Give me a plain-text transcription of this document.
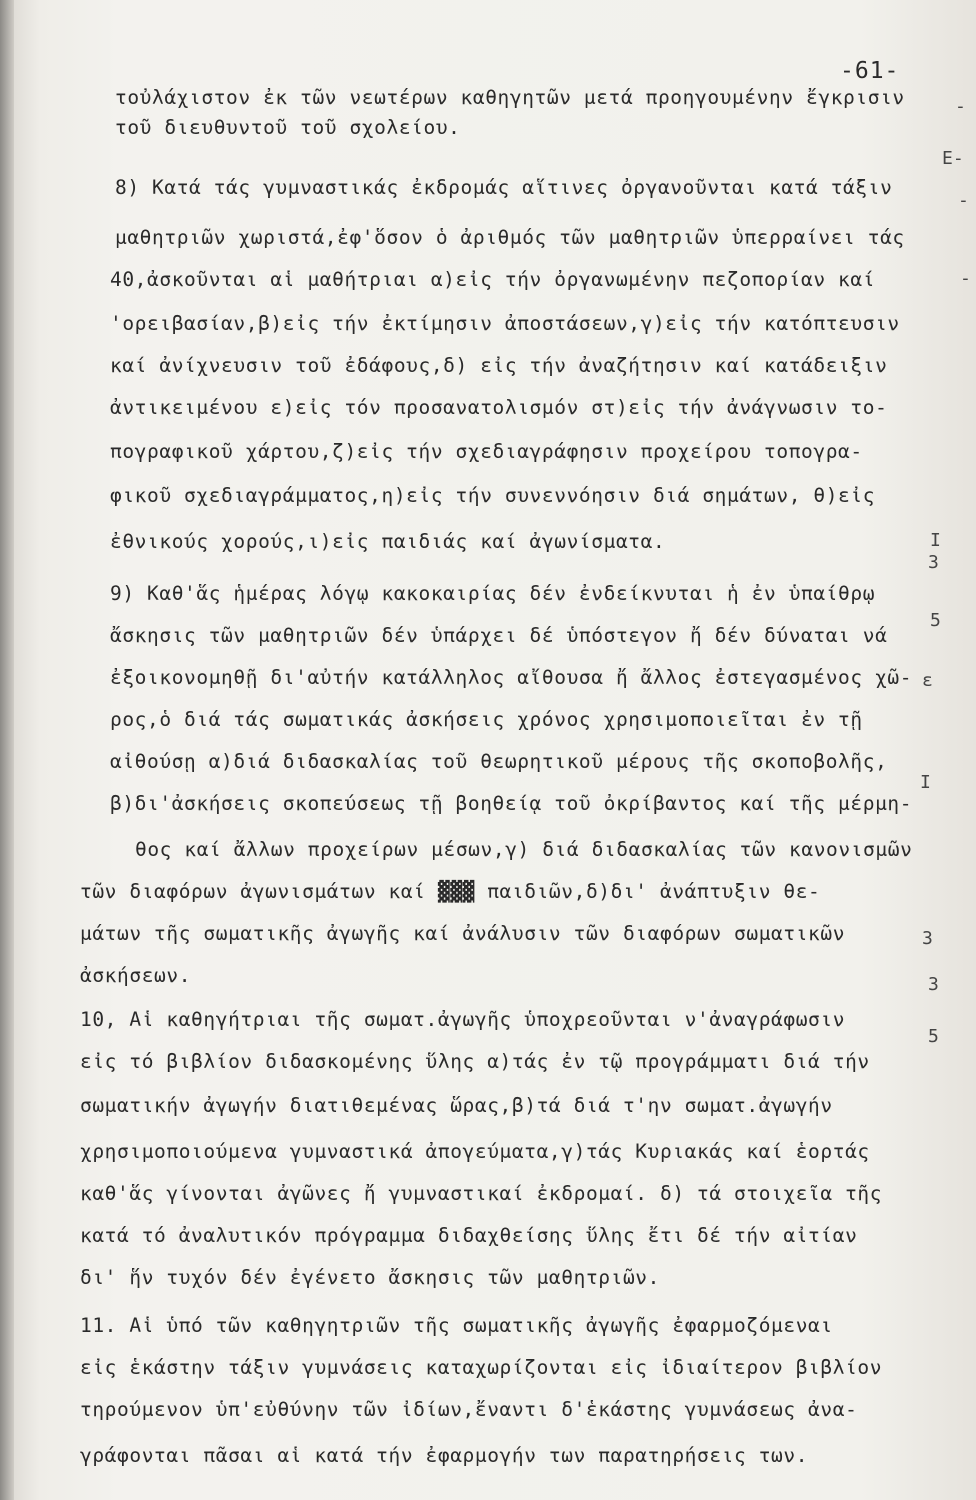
-61-
τοὐλάχιστον ἐκ τῶν νεωτέρων καθηγητῶν μετά προηγουμένην ἔγκρισιν
τοῦ διευθυντοῦ τοῦ σχολείου.
8) Κατά τάς γυμναστικάς ἐκδρομάς αἵτινες ὀργανοῦνται κατά τάξιν
μαθητριῶν χωριστά,ἐφ'ὅσον ὁ ἀριθμός τῶν μαθητριῶν ὑπερραίνει τάς
40,ἀσκοῦνται αἱ μαθήτριαι α)εἰς τήν ὀργανωμένην πεζοπορίαν καί
'ορειβασίαν,β)εἰς τήν ἐκτίμησιν ἀποστάσεων,γ)εἰς τήν κατόπτευσιν
καί ἀνίχνευσιν τοῦ ἐδάφους,δ) εἰς τήν ἀναζήτησιν καί κατάδειξιν
ἀντικειμένου ε)εἰς τόν προσανατολισμόν στ)εἰς τήν ἀνάγνωσιν το-
πογραφικοῦ χάρτου,ζ)εἰς τήν σχεδιαγράφησιν προχείρου τοπογρα-
φικοῦ σχεδιαγράμματος,η)εἰς τήν συνεννόησιν διά σημάτων, θ)εἰς
ἐθνικούς χορούς,ι)εἰς παιδιάς καί ἀγωνίσματα.
9) Καθ'ἅς ἡμέρας λόγῳ κακοκαιρίας δέν ἐνδείκνυται ἡ ἐν ὑπαίθρῳ
ἄσκησις τῶν μαθητριῶν δέν ὑπάρχει δέ ὑπόστεγον ἤ δέν δύναται νά
ἐξοικονομηθῇ δι'αὐτήν κατάλληλος αἴθουσα ἤ ἄλλος ἐστεγασμένος χῶ-
ρος,ὁ διά τάς σωματικάς ἀσκήσεις χρόνος χρησιμοποιεῖται ἐν τῇ
αἰθούσῃ α)διά διδασκαλίας τοῦ θεωρητικοῦ μέρους τῆς σκοποβολῆς,
β)δι'ἀσκήσεις σκοπεύσεως τῇ βοηθείᾳ τοῦ ὀκρίβαντος καί τῆς μέρμη-
θος καί ἄλλων προχείρων μέσων,γ) διά διδασκαλίας τῶν κανονισμῶν
τῶν διαφόρων ἀγωνισμάτων καί ▓▓▓ παιδιῶν,δ)δι' ἀνάπτυξιν θε-
μάτων τῆς σωματικῆς ἀγωγῆς καί ἀνάλυσιν τῶν διαφόρων σωματικῶν
ἀσκήσεων.
10, Αἱ καθηγήτριαι τῆς σωματ.ἀγωγῆς ὑποχρεοῦνται ν'ἀναγράφωσιν
εἰς τό βιβλίον διδασκομένης ὕλης α)τάς ἐν τῷ προγράμματι διά τήν
σωματικήν ἀγωγήν διατιθεμένας ὥρας,β)τά διά τ'ην σωματ.ἀγωγήν
χρησιμοποιούμενα γυμναστικά ἀπογεύματα,γ)τάς Κυριακάς καί ἑορτάς
καθ'ἅς γίνονται ἀγῶνες ἤ γυμναστικαί ἐκδρομαί. δ) τά στοιχεῖα τῆς
κατά τό ἀναλυτικόν πρόγραμμα διδαχθείσης ὕλης ἔτι δέ τήν αἰτίαν
δι' ἥν τυχόν δέν ἐγένετο ἄσκησις τῶν μαθητριῶν.
11. Αἱ ὑπό τῶν καθηγητριῶν τῆς σωματικῆς ἀγωγῆς ἐφαρμοζόμεναι
εἰς ἑκάστην τάξιν γυμνάσεις καταχωρίζονται εἰς ἰδιαίτερον βιβλίον
τηρούμενον ὑπ'εὐθύνην τῶν ἰδίων,ἔναντι δ'ἑκάστης γυμνάσεως ἀνα-
γράφονται πᾶσαι αἱ κατά τήν ἐφαρμογήν των παρατηρήσεις των.
-
Ε-
-
-
Ι
3
5
ε
Ι
3
3
5
